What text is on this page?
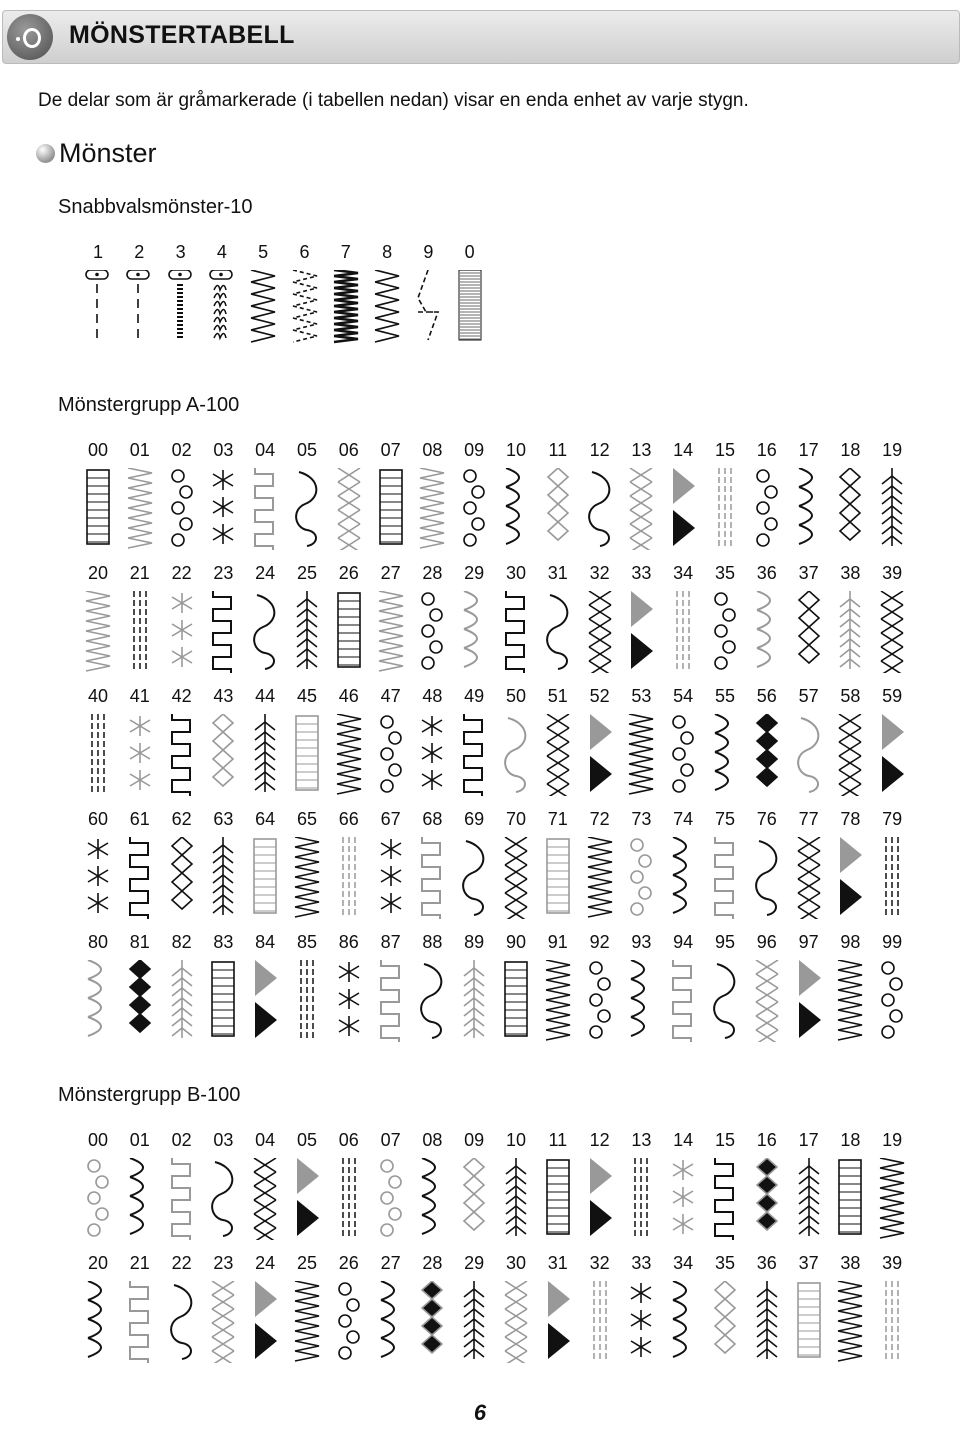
MÖNSTERTABELL
De delar som är gråmarkerade (i tabellen nedan) visar en enda enhet av varje stygn.
Mönster
Snabbvalsmönster-10
1	2	3	4	5	6	7	8	9	0
Mönstergrupp A-100
00	01	02	03	04	05	06	07	08	09	10	11	12	13	14	15	16	17	18	19
20	21	22	23	24	25	26	27	28	29	30	31	32	33	34	35	36	37	38	39
40	41	42	43	44	45	46	47	48	49	50	51	52	53	54	55	56	57	58	59
60	61	62	63	64	65	66	67	68	69	70	71	72	73	74	75	76	77	78	79
80	81	82	83	84	85	86	87	88	89	90	91	92	93	94	95	96	97	98	99
Mönstergrupp B-100
00	01	02	03	04	05	06	07	08	09	10	11	12	13	14	15	16	17	18	19
20	21	22	23	24	25	26	27	28	29	30	31	32	33	34	35	36	37	38	39
6
